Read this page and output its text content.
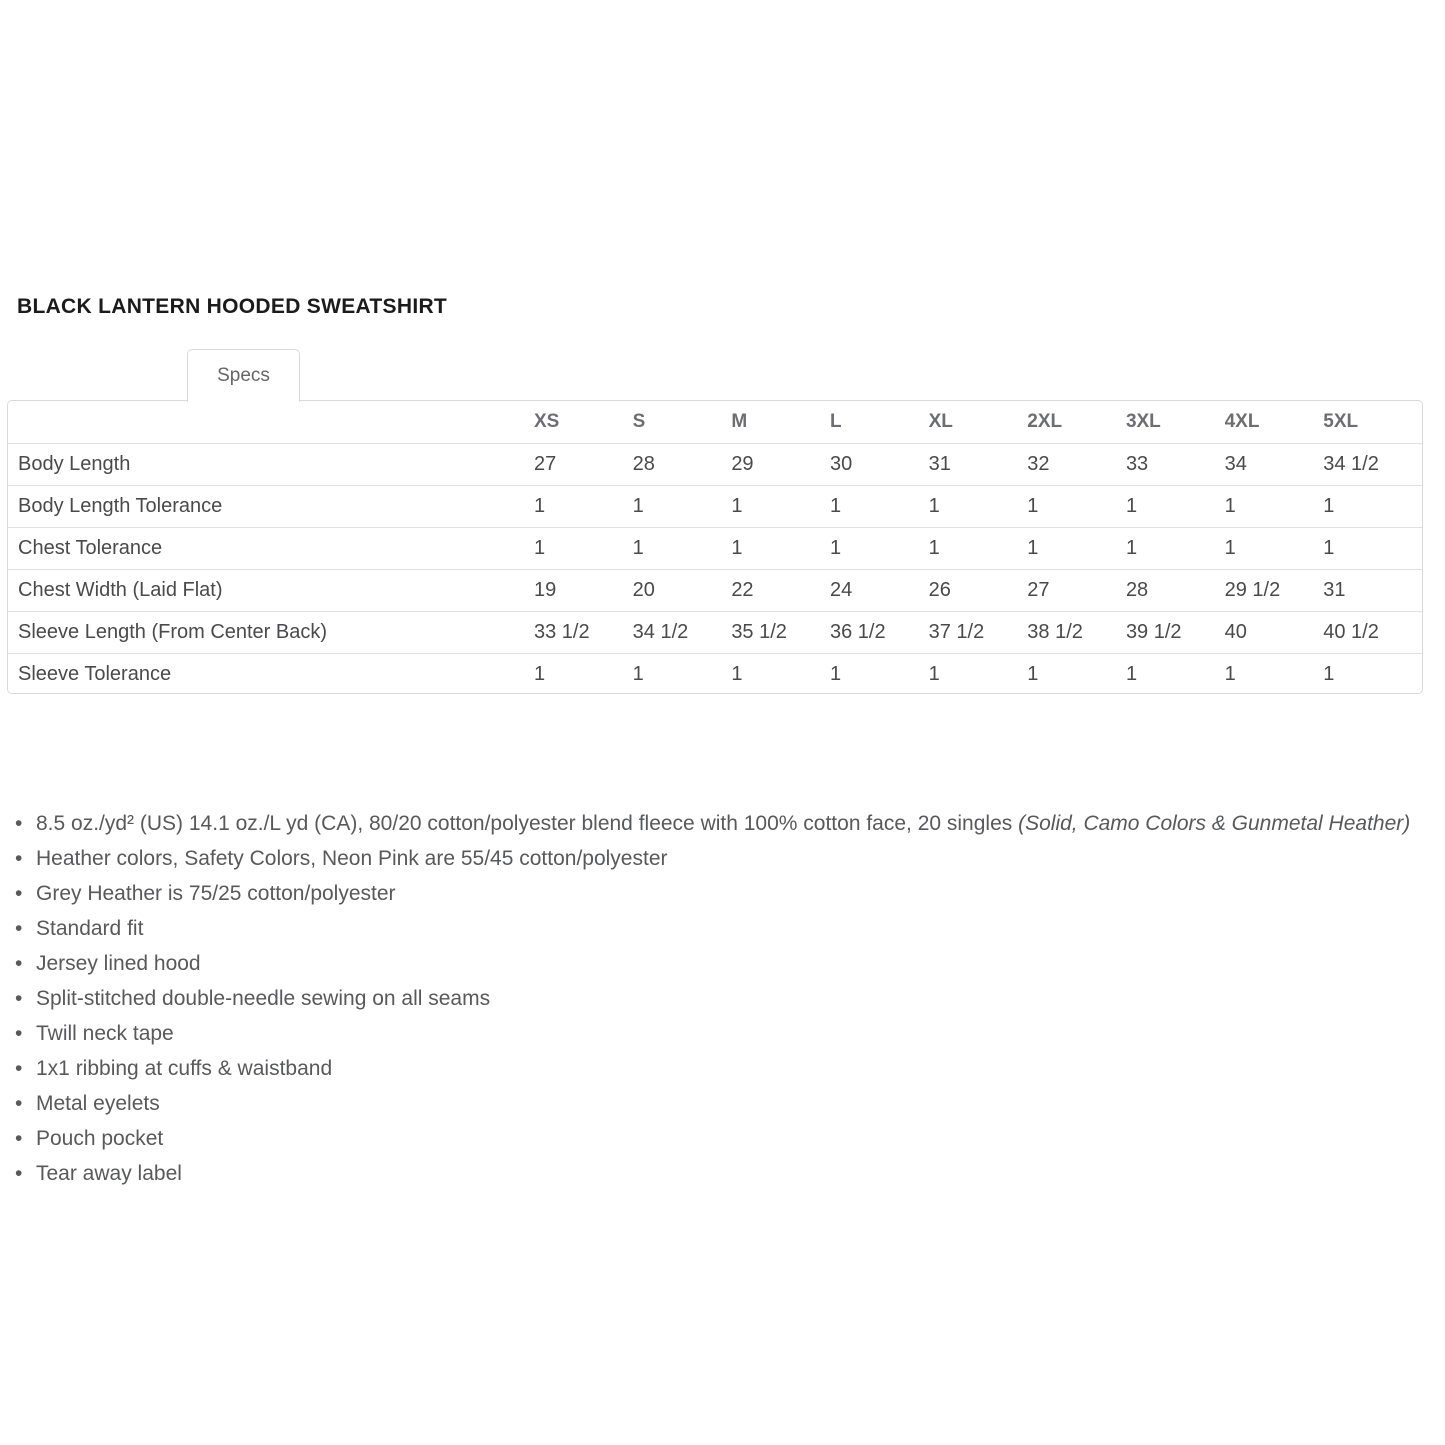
BLACK LANTERN HOODED SWEATSHIRT
Specs
	XS	S	M	L	XL	2XL	3XL	4XL	5XL
Body Length	27	28	29	30	31	32	33	34	34 1/2
Body Length Tolerance	1	1	1	1	1	1	1	1	1
Chest Tolerance	1	1	1	1	1	1	1	1	1
Chest Width (Laid Flat)	19	20	22	24	26	27	28	29 1/2	31
Sleeve Length (From Center Back)	33 1/2	34 1/2	35 1/2	36 1/2	37 1/2	38 1/2	39 1/2	40	40 1/2
Sleeve Tolerance	1	1	1	1	1	1	1	1	1
• 8.5 oz./yd² (US) 14.1 oz./L yd (CA), 80/20 cotton/polyester blend fleece with 100% cotton face, 20 singles (Solid, Camo Colors & Gunmetal Heather)
• Heather colors, Safety Colors, Neon Pink are 55/45 cotton/polyester
• Grey Heather is 75/25 cotton/polyester
• Standard fit
• Jersey lined hood
• Split-stitched double-needle sewing on all seams
• Twill neck tape
• 1x1 ribbing at cuffs & waistband
• Metal eyelets
• Pouch pocket
• Tear away label
